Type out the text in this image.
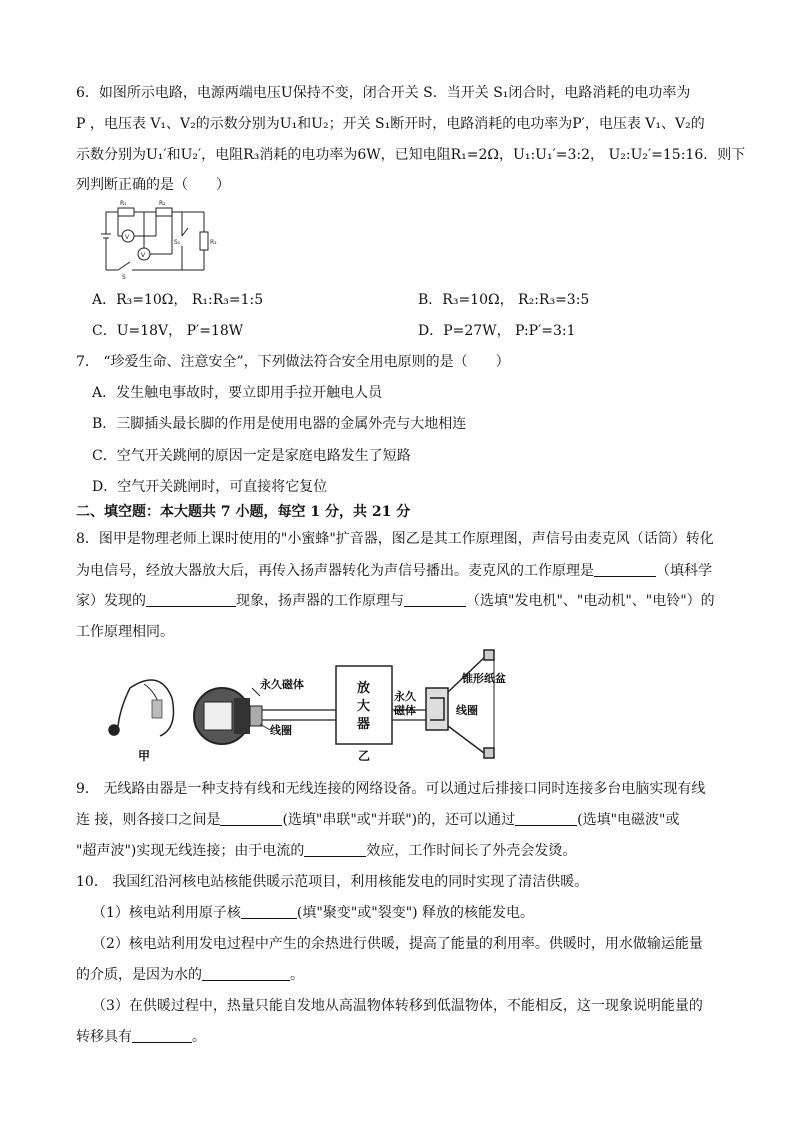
6．如图所示电路，电源两端电压U保持不变，闭合开关 S．当开关 S₁闭合时，电路消耗的电功率为
P ，电压表 V₁、V₂的示数分别为U₁和U₂；开关 S₁断开时，电路消耗的电功率为P′，电压表 V₁、V₂的
示数分别为U₁′和U₂′，电阻R₃消耗的电功率为6W，已知电阻R₁=2Ω，U₁:U₁′=3:2， U₂:U₂′=15:16．则下
列判断正确的是（　　）
R₁	R₂
R₃
V
V
S₁
S
A．R₃=10Ω， R₁:R₃=1:5	B．R₃=10Ω， R₂:R₃=3:5
C．U=18V， P′=18W	D．P=27W， P:P′=3:1
7． “珍爱生命、注意安全”，下列做法符合安全用电原则的是（　　）
A．发生触电事故时，要立即用手拉开触电人员
B．三脚插头最长脚的作用是使用电器的金属外壳与大地相连
C．空气开关跳闸的原因一定是家庭电路发生了短路
D．空气开关跳闸时，可直接将它复位
二、填空题：本大题共 7 小题，每空 1 分，共 21 分
8．图甲是物理老师上课时使用的"小蜜蜂"扩音器，图乙是其工作原理图，声信号由麦克风（话筒）转化
为电信号，经放大器放大后，再传入扬声器转化为声信号播出。麦克风的工作原理是	（填科学
家）发现的	现象，扬声器的工作原理与	（选填"发电机"、"电动机"、"电铃"）的
工作原理相同。
甲
永久磁体
线圈
放
大
器
乙
永久
磁体
锥形纸盆
线圈
9． 无线路由器是一种支持有线和无线连接的网络设备。可以通过后排接口同时连接多台电脑实现有线
连 接，则各接口之间是	(选填"串联"或"并联")的，还可以通过	(选填"电磁波"或
"超声波")实现无线连接；由于电流的	效应，工作时间长了外壳会发烫。
10． 我国红沿河核电站核能供暖示范项目，利用核能发电的同时实现了清洁供暖。
（1）核电站利用原子核	(填"聚变"或"裂变") 释放的核能发电。
（2）核电站利用发电过程中产生的余热进行供暖，提高了能量的利用率。供暖时，用水做输运能量
的介质，是因为水的	。
（3）在供暖过程中，热量只能自发地从高温物体转移到低温物体，不能相反，这一现象说明能量的
转移具有	。
